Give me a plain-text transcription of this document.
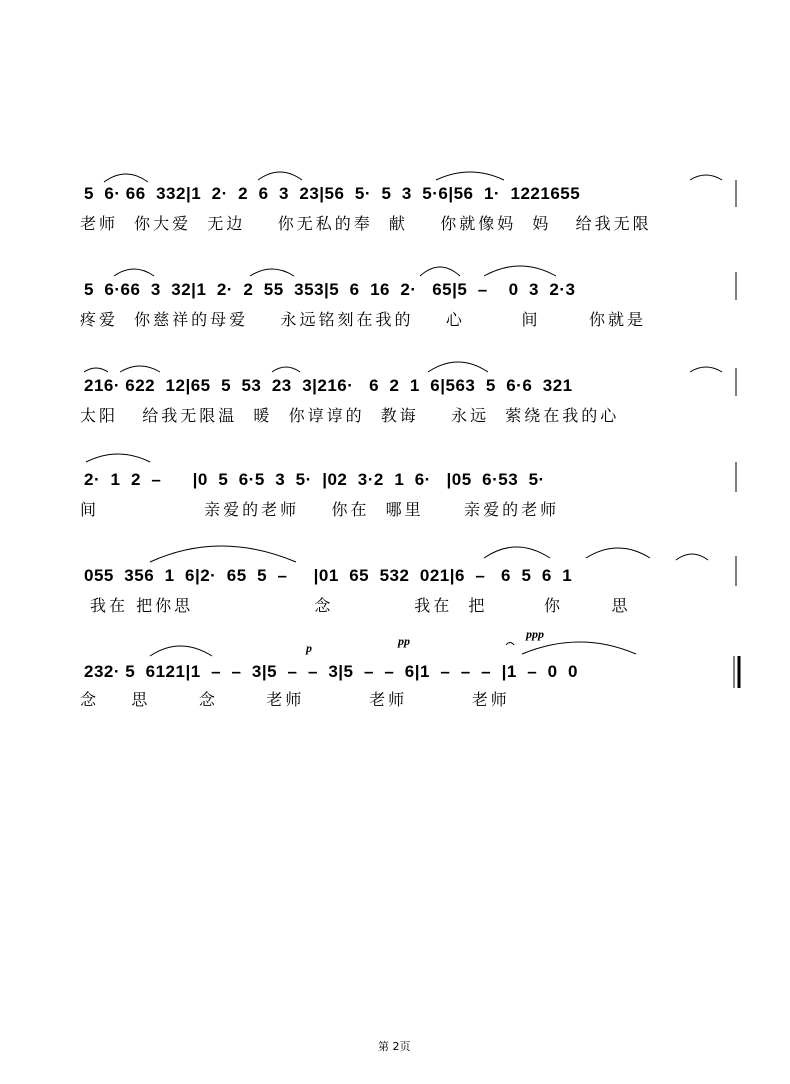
5  6· 66  332|1  2·  2  6  3  23|56  5·  5  3  5·6|56  1·  1221655
老师  你大爱  无边    你无私的奉  献    你就像妈  妈   给我无限
5  6·66  3  32|1  2·  2  55  353|5  6  16  2·   65|5  –    0  3  2·3
疼爱  你慈祥的母爱    永远铭刻在我的    心       间      你就是
216· 622  12|65  5  53  23  3|216·   6  2  1  6|563  5  6·6  321
太阳   给我无限温  暖  你谆谆的  教诲    永远  萦绕在我的心
2·  1  2  –      |0  5  6·5  3  5·  |02  3·2  1  6·   |05  6·53  5·
间             亲爱的老师    你在  哪里     亲爱的老师
055  356  1  6|2·  65  5  –     |01  65  532  021|6  –   6  5  6  1
我在 把你思               念          我在  把       你      思
p	pp	ppp
232· 5  6121|1  –  –  3|5  –  –  3|5  –  –  6|1  –  –  –  |1  –  0  0
念    思      念      老师        老师        老师
第 2页
